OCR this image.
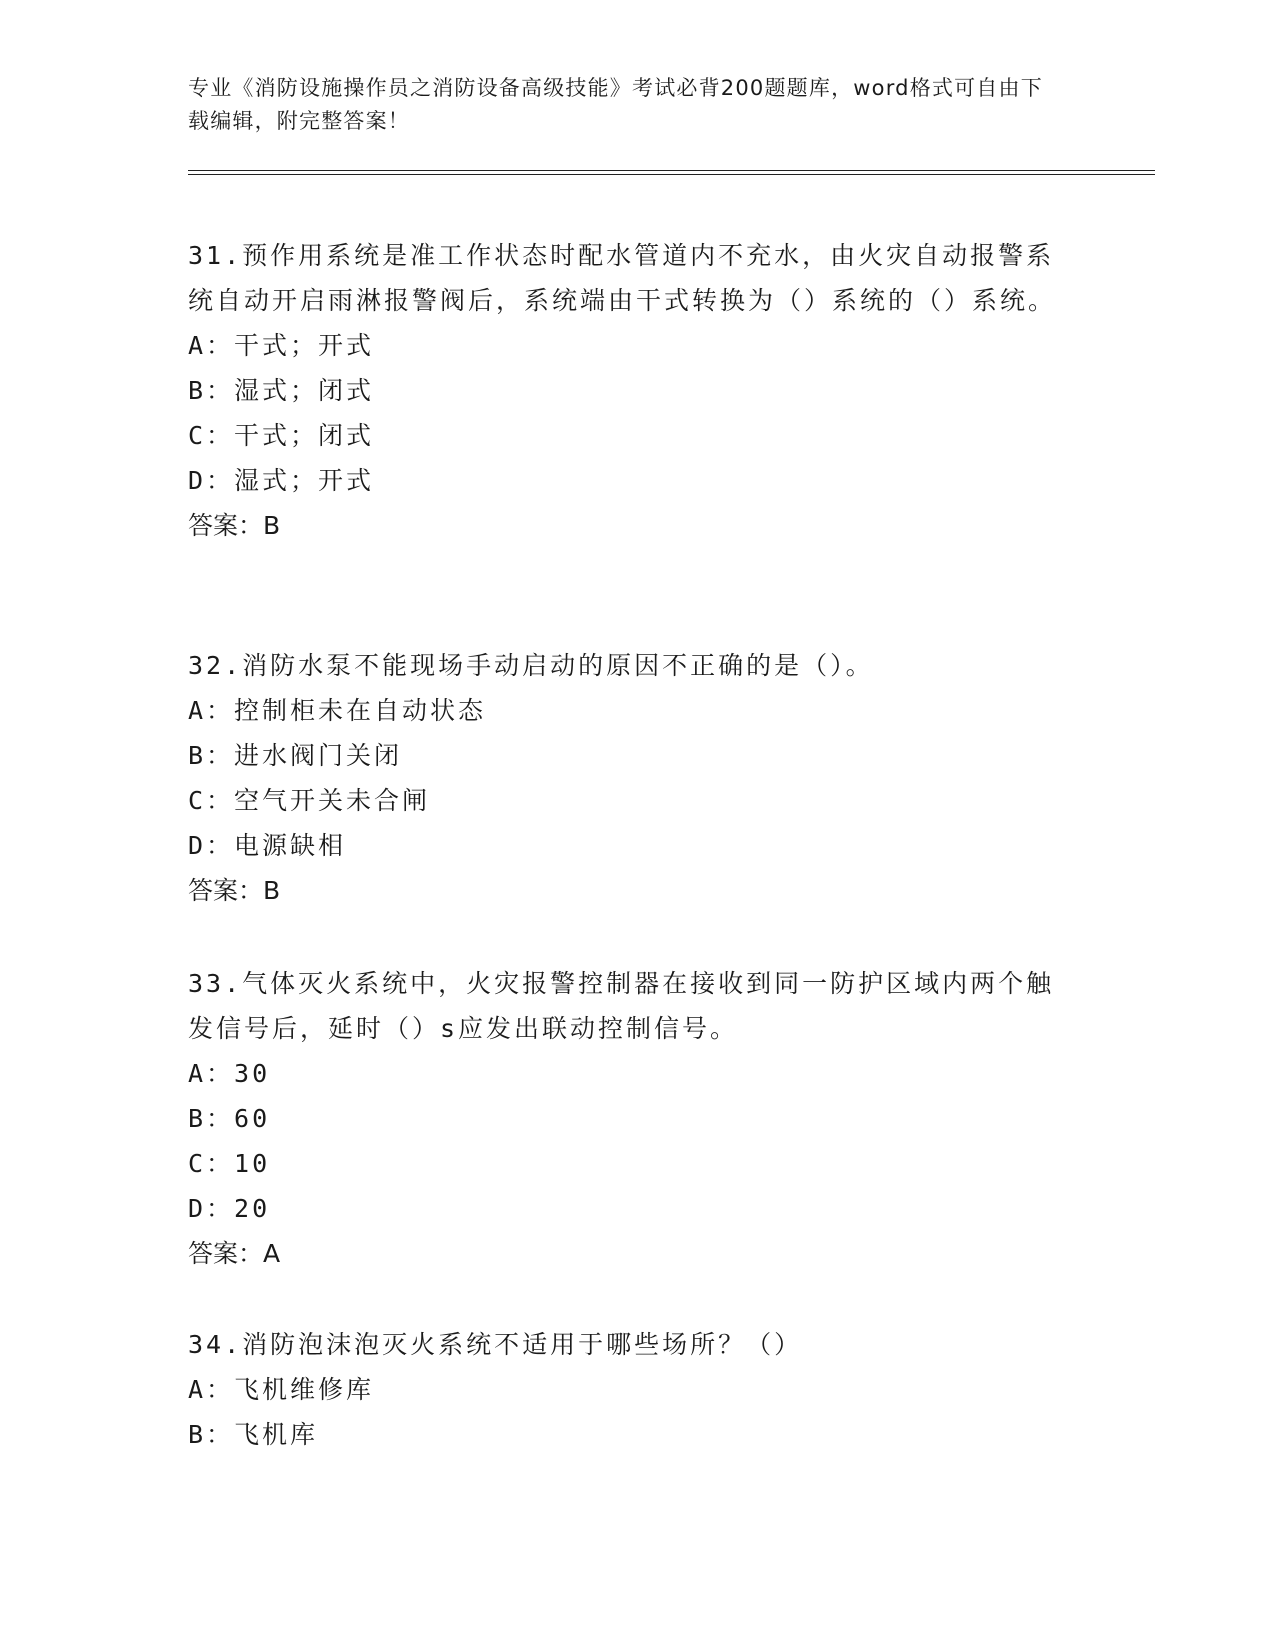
专业《消防设施操作员之消防设备高级技能》考试必背200题题库，word格式可自由下载编辑，附完整答案！
31.预作用系统是准工作状态时配水管道内不充水，由火灾自动报警系统自动开启雨淋报警阀后，系统端由干式转换为（）系统的（）系统。
A：干式；开式
B：湿式；闭式
C：干式；闭式
D：湿式；开式
答案：B
32.消防水泵不能现场手动启动的原因不正确的是（）。
A：控制柜未在自动状态
B：进水阀门关闭
C：空气开关未合闸
D：电源缺相
答案：B
33.气体灭火系统中，火灾报警控制器在接收到同一防护区域内两个触发信号后，延时（）s应发出联动控制信号。
A：30
B：60
C：10
D：20
答案：A
34.消防泡沫泡灭火系统不适用于哪些场所？（）
A：飞机维修库
B：飞机库
